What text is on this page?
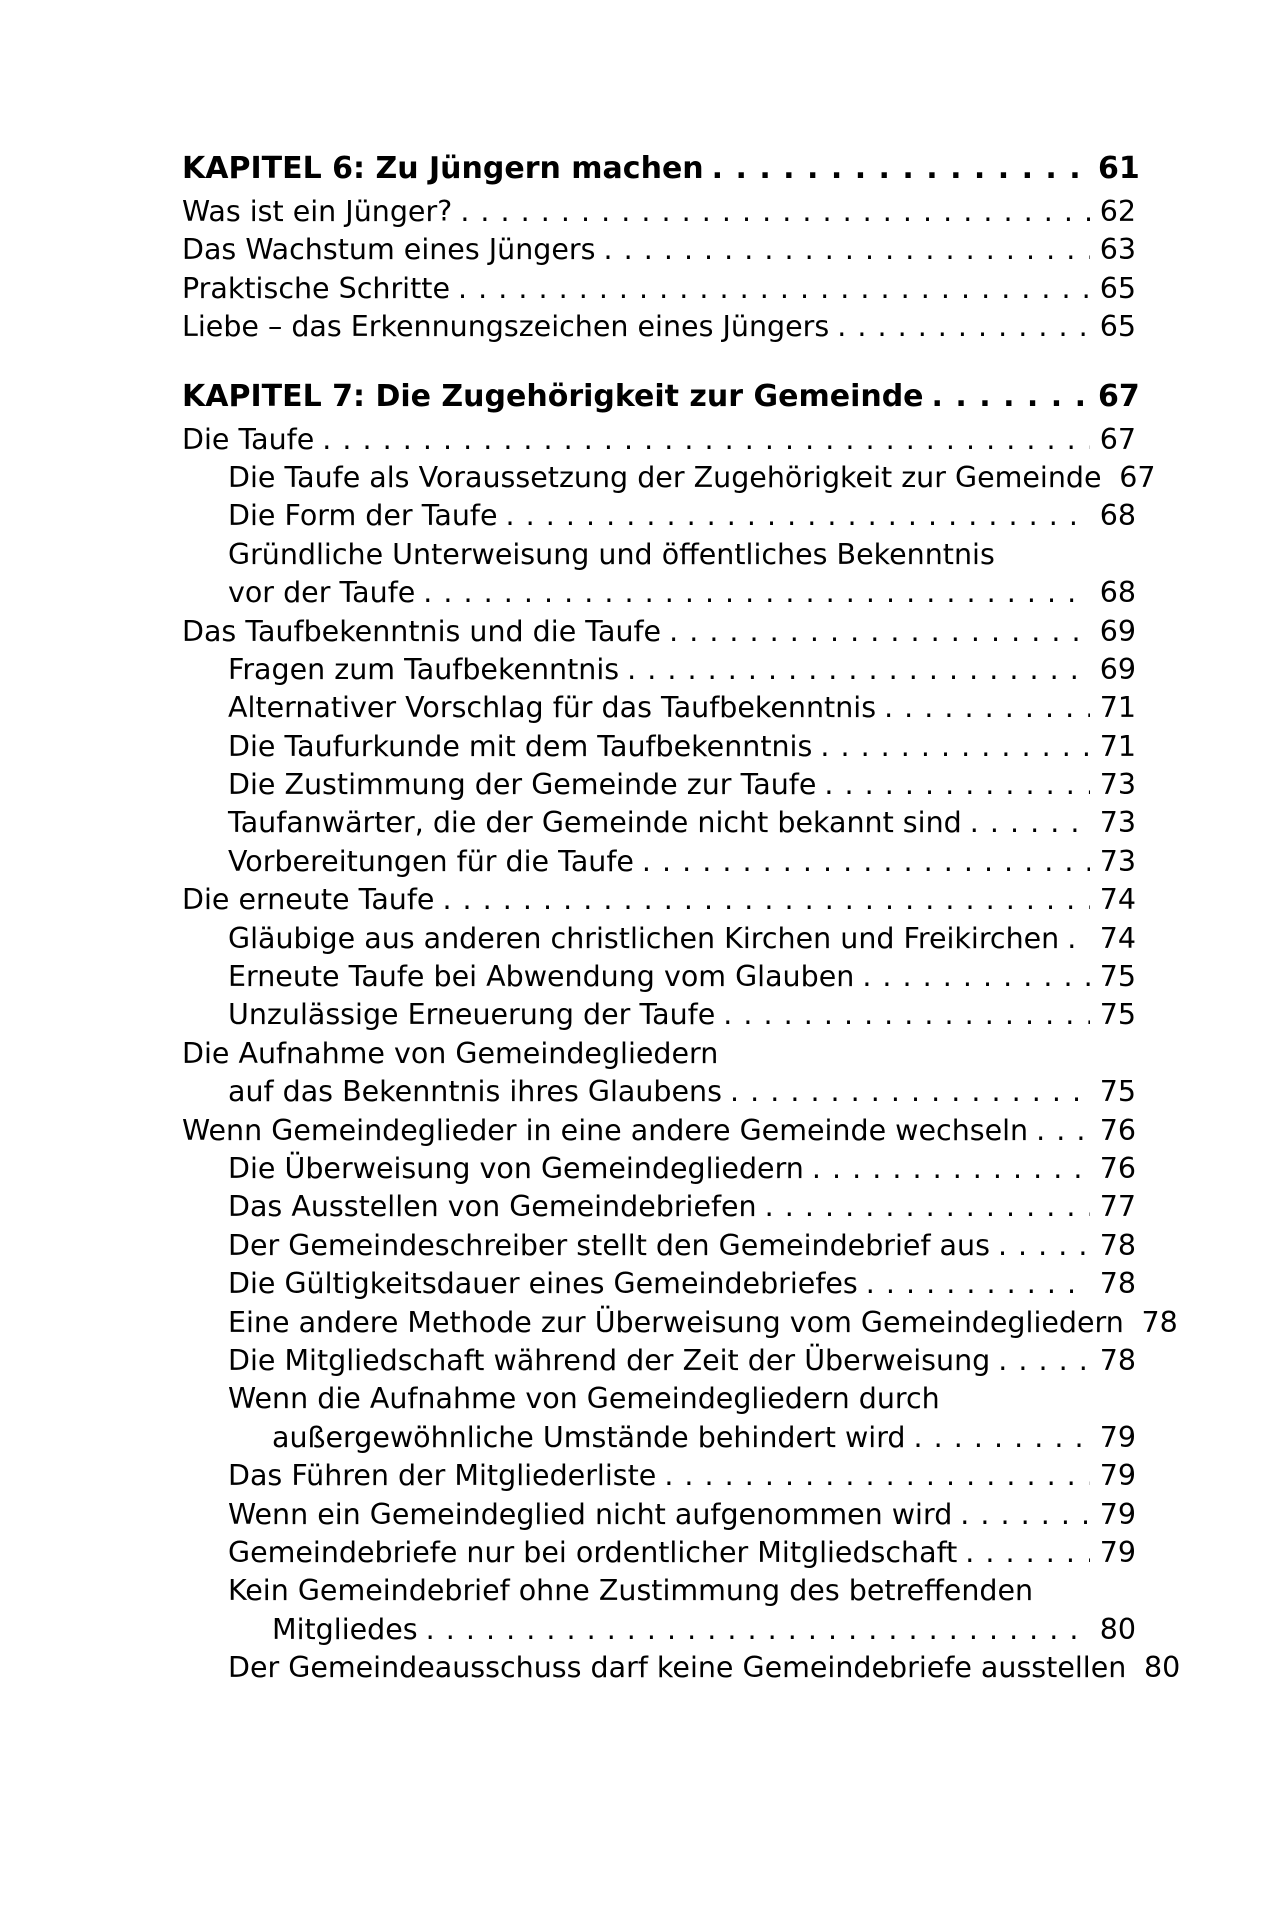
KAPITEL 6: Zu Jüngern machen . . .	61
Was ist ein Jünger? . . .	62
Das Wachstum eines Jüngers . . .	63
Praktische Schritte . . .	65
Liebe – das Erkennungszeichen eines Jüngers . . .	65
KAPITEL 7: Die Zugehörigkeit zur Gemeinde . . .	67
Die Taufe . . .	67
Die Taufe als Voraussetzung der Zugehörigkeit zur Gemeinde 67
Die Form der Taufe . . .	68
Gründliche Unterweisung und öffentliches Bekenntnis
vor der Taufe . . .	68
Das Taufbekenntnis und die Taufe . . .	69
Fragen zum Taufbekenntnis . . .	69
Alternativer Vorschlag für das Taufbekenntnis . . .	71
Die Taufurkunde mit dem Taufbekenntnis . . .	71
Die Zustimmung der Gemeinde zur Taufe . . .	73
Taufanwärter, die der Gemeinde nicht bekannt sind . . .	73
Vorbereitungen für die Taufe . . .	73
Die erneute Taufe . . .	74
Gläubige aus anderen christlichen Kirchen und Freikirchen . . . 74
Erneute Taufe bei Abwendung vom Glauben . . .	75
Unzulässige Erneuerung der Taufe . . .	75
Die Aufnahme von Gemeindegliedern
auf das Bekenntnis ihres Glaubens . . .	75
Wenn Gemeindeglieder in eine andere Gemeinde wechseln . . .	76
Die Überweisung von Gemeindegliedern . . .	76
Das Ausstellen von Gemeindebriefen . . .	77
Der Gemeindeschreiber stellt den Gemeindebrief aus . . .	78
Die Gültigkeitsdauer eines Gemeindebriefes . . .	78
Eine andere Methode zur Überweisung vom Gemeindegliedern 78
Die Mitgliedschaft während der Zeit der Überweisung . . .	78
Wenn die Aufnahme von Gemeindegliedern durch
außergewöhnliche Umstände behindert wird . . .	79
Das Führen der Mitgliederliste . . .	79
Wenn ein Gemeindeglied nicht aufgenommen wird . . .	79
Gemeindebriefe nur bei ordentlicher Mitgliedschaft . . .	79
Kein Gemeindebrief ohne Zustimmung des betreffenden
Mitgliedes . . .	80
Der Gemeindeausschuss darf keine Gemeindebriefe ausstellen 80
